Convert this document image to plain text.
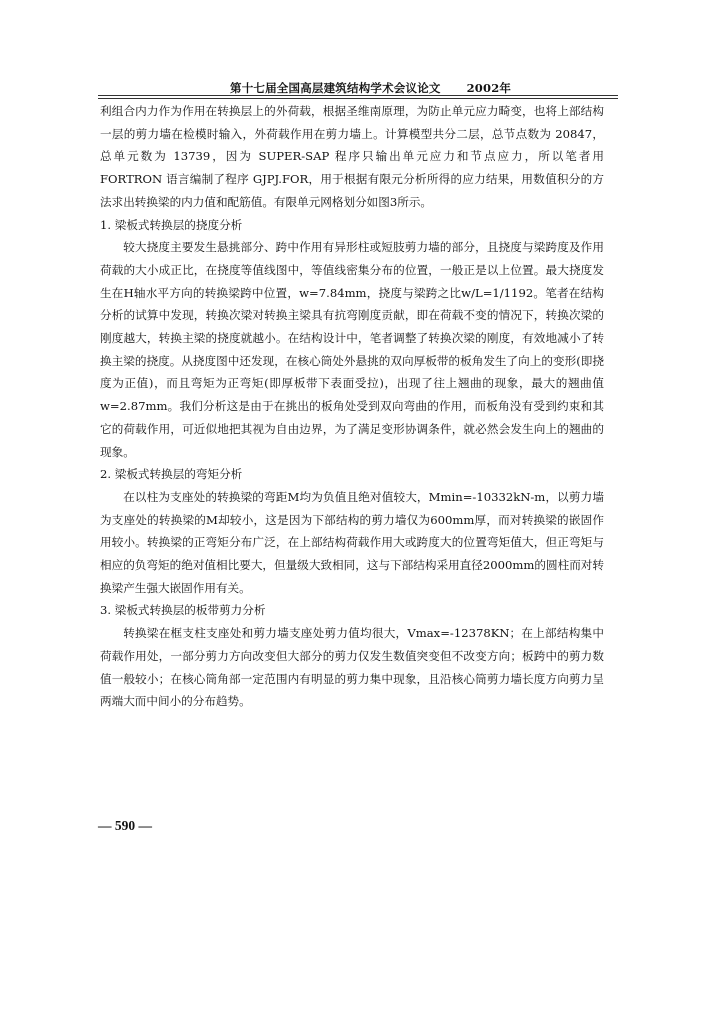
第十七届全国高层建筑结构学术会议论文 2002年

利组合内力作为作用在转换层上的外荷载，根据圣维南原理，为防止单元应力畸变，也将上部结构一层的剪力墙在检模时输入，外荷载作用在剪力墙上。计算模型共分二层，总节点数为 20847，总单元数为 13739，因为 SUPER-SAP 程序只输出单元应力和节点应力，所以笔者用 FORTRON 语言编制了程序 GJPJ.FOR，用于根据有限元分析所得的应力结果，用数值积分的方法求出转换梁的内力值和配筋值。有限单元网格划分如图3所示。

1. 梁板式转换层的挠度分析

较大挠度主要发生悬挑部分、跨中作用有异形柱或短肢剪力墙的部分，且挠度与梁跨度及作用荷载的大小成正比，在挠度等值线图中，等值线密集分布的位置，一般正是以上位置。最大挠度发生在H轴水平方向的转换梁跨中位置，w=7.84mm，挠度与梁跨之比w/L=1/1192。笔者在结构分析的试算中发现，转换次梁对转换主梁具有抗弯刚度贡献，即在荷载不变的情况下，转换次梁的刚度越大，转换主梁的挠度就越小。在结构设计中，笔者调整了转换次梁的刚度，有效地减小了转换主梁的挠度。从挠度图中还发现，在核心筒处外悬挑的双向厚板带的板角发生了向上的变形(即挠度为正值)，而且弯矩为正弯矩(即厚板带下表面受拉)，出现了往上翘曲的现象，最大的翘曲值w=2.87mm。我们分析这是由于在挑出的板角处受到双向弯曲的作用，而板角没有受到约束和其它的荷载作用，可近似地把其视为自由边界，为了满足变形协调条件，就必然会发生向上的翘曲的现象。

2. 梁板式转换层的弯矩分析

在以柱为支座处的转换梁的弯距M均为负值且绝对值较大，Mmin=-10332kN-m，以剪力墙为支座处的转换梁的M却较小，这是因为下部结构的剪力墙仅为600mm厚，而对转换梁的嵌固作用较小。转换梁的正弯矩分布广泛，在上部结构荷载作用大或跨度大的位置弯矩值大，但正弯矩与相应的负弯矩的绝对值相比要大，但量级大致相同，这与下部结构采用直径2000mm的圆柱而对转换梁产生强大嵌固作用有关。

3. 梁板式转换层的板带剪力分析

转换梁在框支柱支座处和剪力墙支座处剪力值均很大，Vmax=-12378KN；在上部结构集中荷载作用处，一部分剪力方向改变但大部分的剪力仅发生数值突变但不改变方向；板跨中的剪力数值一般较小；在核心筒角部一定范围内有明显的剪力集中现象，且沿核心筒剪力墙长度方向剪力呈两端大而中间小的分布趋势。

— 590 —
